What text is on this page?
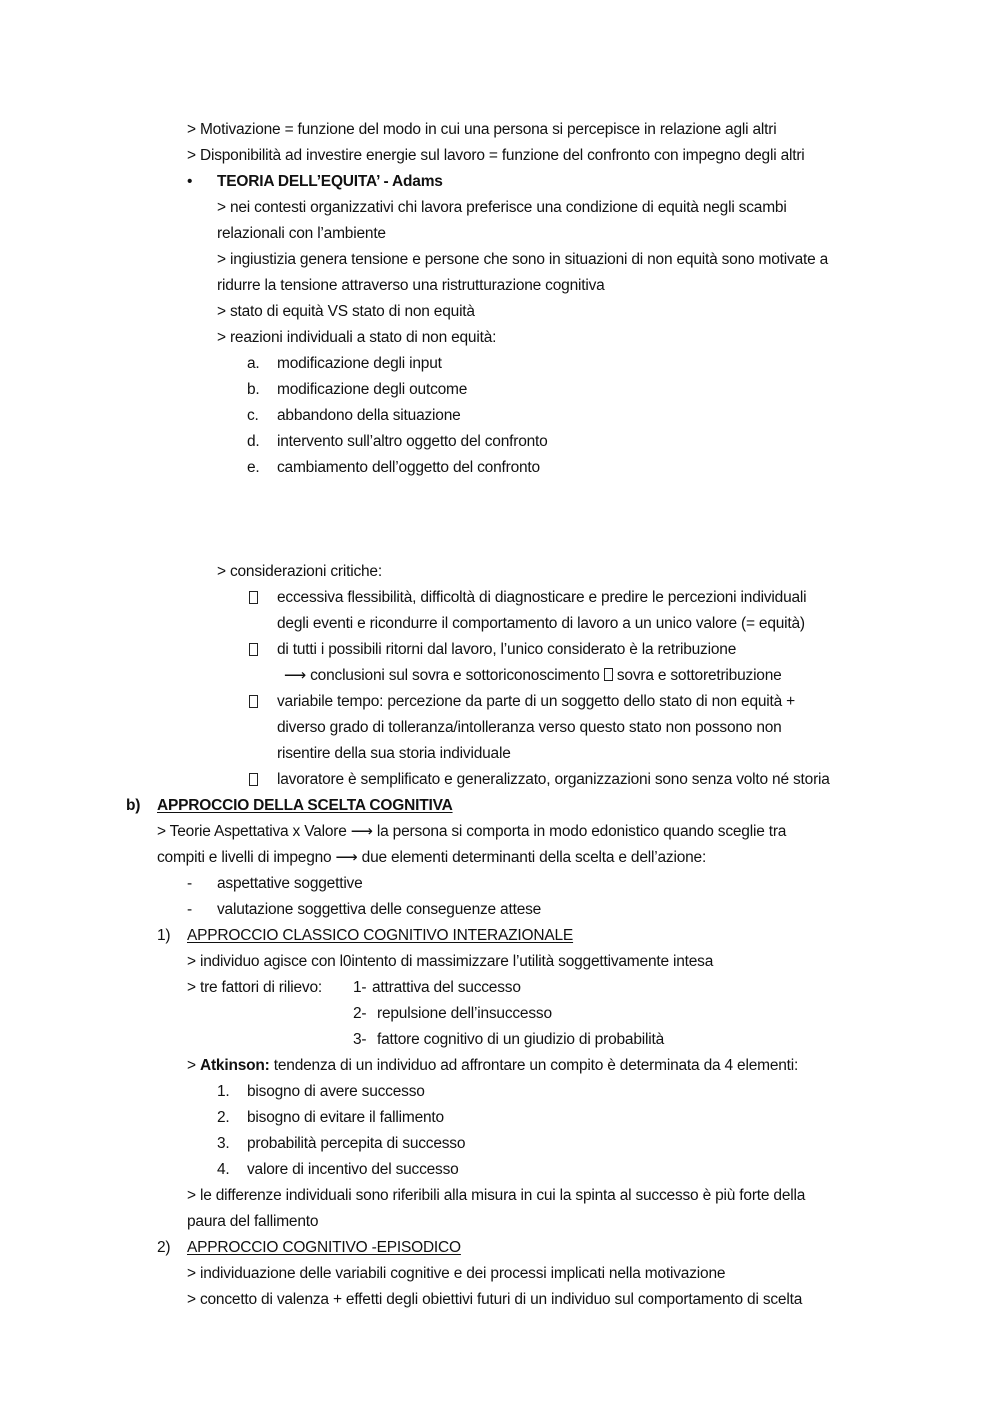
> Motivazione = funzione del modo in cui una persona si percepisce in relazione agli altri
> Disponibilità ad investire energie sul lavoro = funzione del confronto con impegno degli altri
• TEORIA DELL’EQUITA’ - Adams
> nei contesti organizzativi chi lavora preferisce una condizione di equità negli scambi
relazionali con l’ambiente
> ingiustizia genera tensione e persone che sono in situazioni di non equità sono motivate a
ridurre la tensione attraverso una ristrutturazione cognitiva
> stato di equità VS stato di non equità
> reazioni individuali a stato di non equità:
a. modificazione degli input
b. modificazione degli outcome
c. abbandono della situazione
d. intervento sull’altro oggetto del confronto
e. cambiamento dell’oggetto del confronto
> considerazioni critiche:
eccessiva flessibilità, difficoltà di diagnosticare e predire le percezioni individuali
degli eventi e ricondurre il comportamento di lavoro a un unico valore (= equità)
di tutti i possibili ritorni dal lavoro, l’unico considerato è la retribuzione
⟶ conclusioni sul sovra e sottoriconoscimento sovra e sottoretribuzione
variabile tempo: percezione da parte di un soggetto dello stato di non equità +
diverso grado di tolleranza/intolleranza verso questo stato non possono non
risentire della sua storia individuale
lavoratore è semplificato e generalizzato, organizzazioni sono senza volto né storia
b) APPROCCIO DELLA SCELTA COGNITIVA
> Teorie Aspettativa x Valore ⟶ la persona si comporta in modo edonistico quando sceglie tra
compiti e livelli di impegno ⟶ due elementi determinanti della scelta e dell’azione:
- aspettative soggettive
- valutazione soggettiva delle conseguenze attese
1) APPROCCIO CLASSICO COGNITIVO INTERAZIONALE
> individuo agisce con l0intento di massimizzare l’utilità soggettivamente intesa
> tre fattori di rilievo: 1- attrattiva del successo
2- repulsione dell’insuccesso
3- fattore cognitivo di un giudizio di probabilità
> Atkinson: tendenza di un individuo ad affrontare un compito è determinata da 4 elementi:
1. bisogno di avere successo
2. bisogno di evitare il fallimento
3. probabilità percepita di successo
4. valore di incentivo del successo
> le differenze individuali sono riferibili alla misura in cui la spinta al successo è più forte della
paura del fallimento
2) APPROCCIO COGNITIVO -EPISODICO
> individuazione delle variabili cognitive e dei processi implicati nella motivazione
> concetto di valenza + effetti degli obiettivi futuri di un individuo sul comportamento di scelta
